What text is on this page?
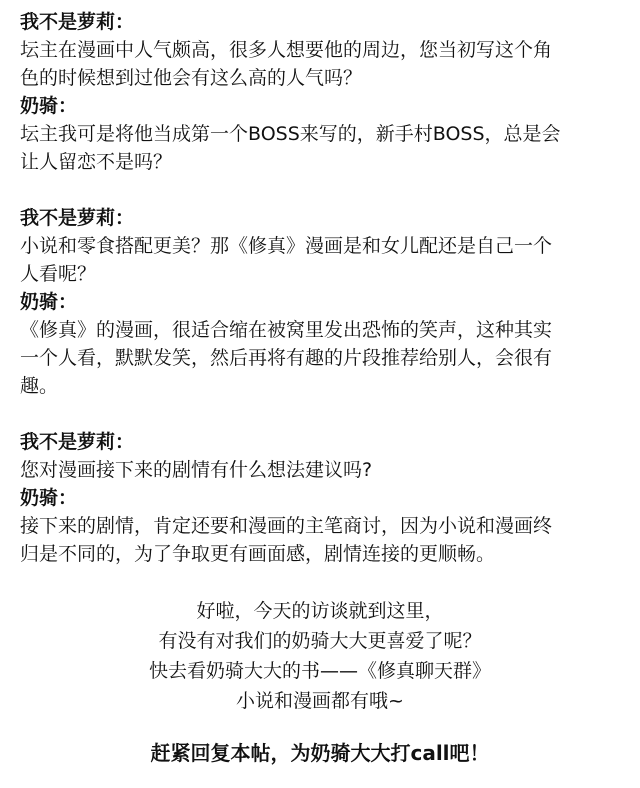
我不是萝莉：
坛主在漫画中人气颇高，很多人想要他的周边，您当初写这个角
色的时候想到过他会有这么高的人气吗？
奶骑：
坛主我可是将他当成第一个BOSS来写的，新手村BOSS，总是会
让人留恋不是吗？
我不是萝莉：
小说和零食搭配更美？那《修真》漫画是和女儿配还是自己一个
人看呢？
奶骑：
《修真》的漫画，很适合缩在被窝里发出恐怖的笑声，这种其实
一个人看，默默发笑，然后再将有趣的片段推荐给别人，会很有
趣。
我不是萝莉：
您对漫画接下来的剧情有什么想法建议吗?
奶骑：
接下来的剧情，肯定还要和漫画的主笔商讨，因为小说和漫画终
归是不同的，为了争取更有画面感，剧情连接的更顺畅。
好啦，今天的访谈就到这里，
有没有对我们的奶骑大大更喜爱了呢？
快去看奶骑大大的书——《修真聊天群》
小说和漫画都有哦~
赶紧回复本帖，为奶骑大大打call吧！
